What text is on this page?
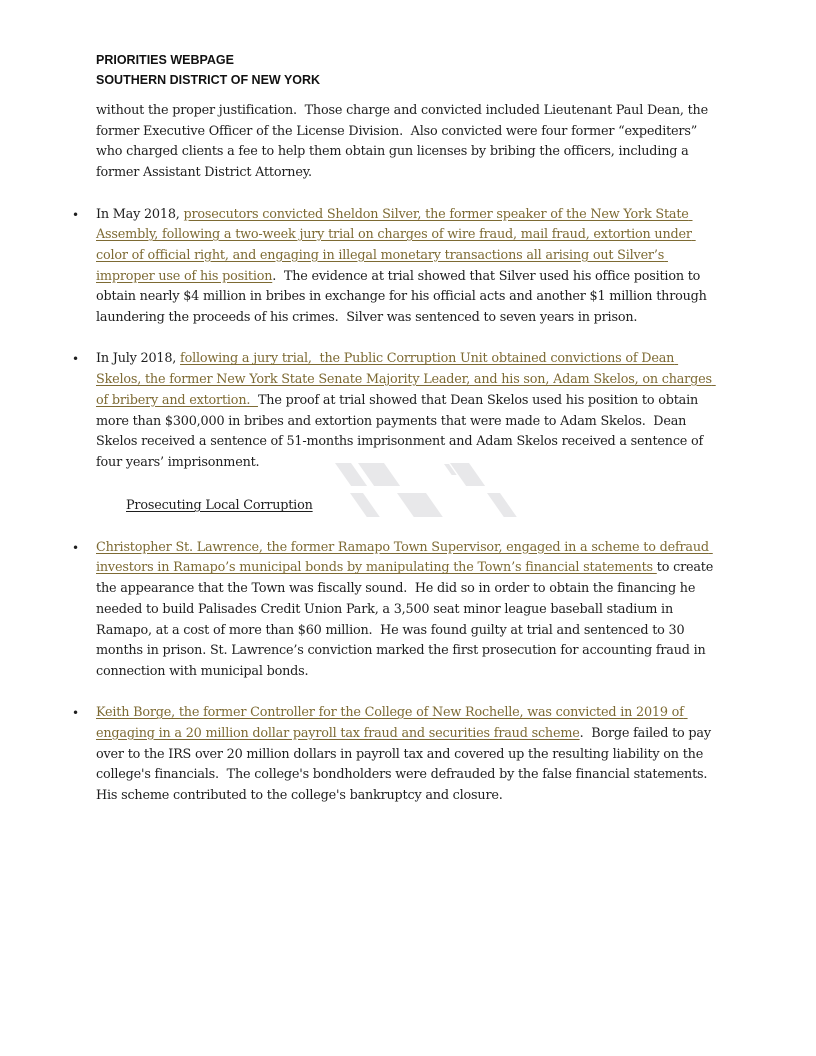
PRIORITIES WEBPAGE
SOUTHERN DISTRICT OF NEW YORK

without the proper justification.  Those charge and convicted included Lieutenant Paul Dean, the former Executive Officer of the License Division.  Also convicted were four former “expediters” who charged clients a fee to help them obtain gun licenses by bribing the officers, including a former Assistant District Attorney.

• In May 2018, prosecutors convicted Sheldon Silver, the former speaker of the New York State Assembly, following a two-week jury trial on charges of wire fraud, mail fraud, extortion under color of official right, and engaging in illegal monetary transactions all arising out Silver’s improper use of his position.  The evidence at trial showed that Silver used his office position to obtain nearly $4 million in bribes in exchange for his official acts and another $1 million through laundering the proceeds of his crimes.  Silver was sentenced to seven years in prison.
• In July 2018, following a jury trial,  the Public Corruption Unit obtained convictions of Dean Skelos, the former New York State Senate Majority Leader, and his son, Adam Skelos, on charges of bribery and extortion.  The proof at trial showed that Dean Skelos used his position to obtain more than $300,000 in bribes and extortion payments that were made to Adam Skelos.  Dean Skelos received a sentence of 51-months imprisonment and Adam Skelos received a sentence of four years’ imprisonment.
Prosecuting Local Corruption
• Christopher St. Lawrence, the former Ramapo Town Supervisor, engaged in a scheme to defraud investors in Ramapo’s municipal bonds by manipulating the Town’s financial statements to create the appearance that the Town was fiscally sound.  He did so in order to obtain the financing he needed to build Palisades Credit Union Park, a 3,500 seat minor league baseball stadium in Ramapo, at a cost of more than $60 million.  He was found guilty at trial and sentenced to 30 months in prison. St. Lawrence’s conviction marked the first prosecution for accounting fraud in connection with municipal bonds.
• Keith Borge, the former Controller for the College of New Rochelle, was convicted in 2019 of engaging in a 20 million dollar payroll tax fraud and securities fraud scheme.  Borge failed to pay over to the IRS over 20 million dollars in payroll tax and covered up the resulting liability on the college's financials.  The college's bondholders were defrauded by the false financial statements.  His scheme contributed to the college's bankruptcy and closure.
